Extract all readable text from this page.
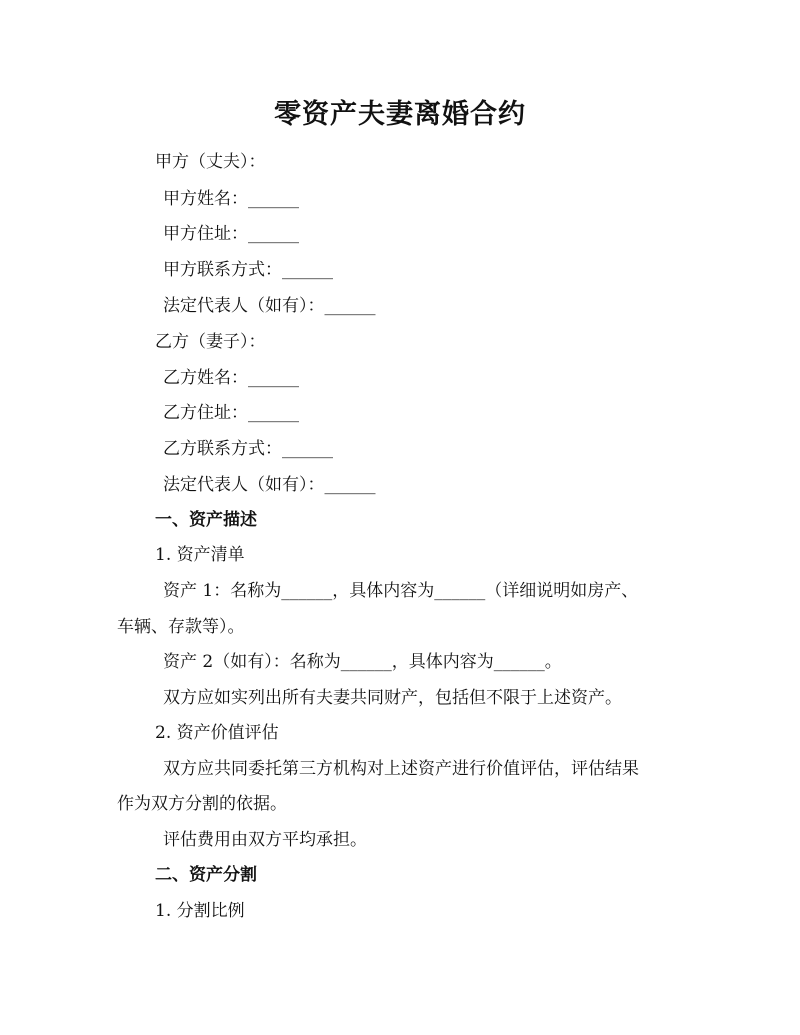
零资产夫妻离婚合约
甲方（丈夫）：
甲方姓名：______
甲方住址：______
甲方联系方式：______
法定代表人（如有）：______
乙方（妻子）：
乙方姓名：______
乙方住址：______
乙方联系方式：______
法定代表人（如有）：______
一、资产描述
1. 资产清单
资产 1：名称为______，具体内容为______（详细说明如房产、
车辆、存款等）。
资产 2（如有）：名称为______，具体内容为______。
双方应如实列出所有夫妻共同财产，包括但不限于上述资产。
2. 资产价值评估
双方应共同委托第三方机构对上述资产进行价值评估，评估结果
作为双方分割的依据。
评估费用由双方平均承担。
二、资产分割
1. 分割比例
